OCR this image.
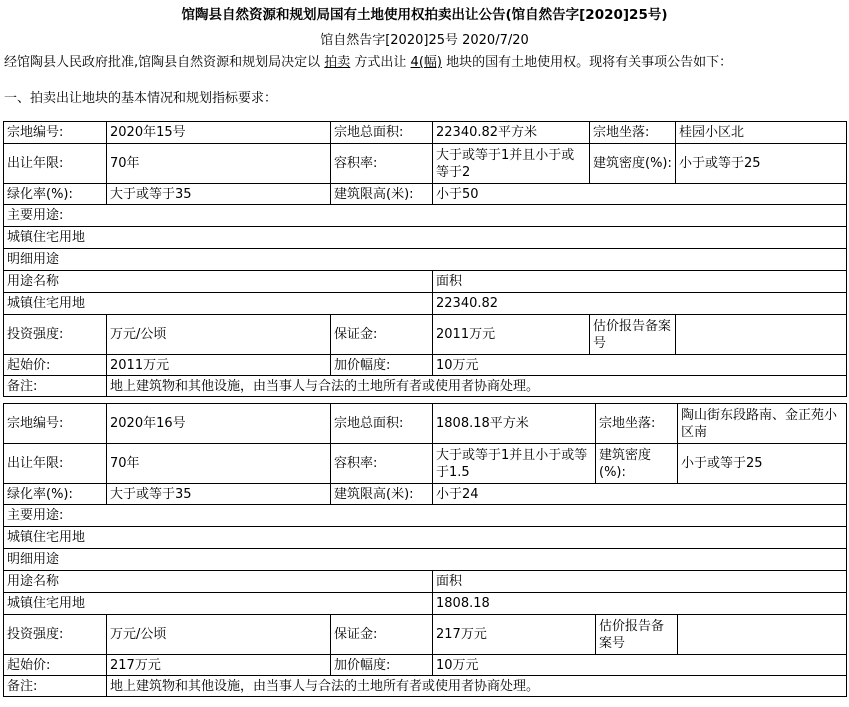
馆陶县自然资源和规划局国有土地使用权拍卖出让公告(馆自然告字[2020]25号)
馆自然告字[2020]25号 2020/7/20
经馆陶县人民政府批准,馆陶县自然资源和规划局决定以 拍卖 方式出让 4(幅) 地块的国有土地使用权。现将有关事项公告如下：
一、拍卖出让地块的基本情况和规划指标要求：
宗地编号:	2020年15号	宗地总面积:	22340.82平方米	宗地坐落:	桂园小区北
出让年限:	70年	容积率:	大于或等于1并且小于或等于2	建筑密度(%):	小于或等于25
绿化率(%):	大于或等于35	建筑限高(米):	小于50		
主要用途:					
城镇住宅用地					
明细用途					
用途名称			面积		
城镇住宅用地			22340.82		
投资强度:	万元/公顷	保证金:	2011万元	估价报告备案号	
起始价:	2011万元	加价幅度:	10万元		
备注:	地上建筑物和其他设施，由当事人与合法的土地所有者或使用者协商处理。				
宗地编号:	2020年16号	宗地总面积:	1808.18平方米	宗地坐落:	陶山街东段路南、金正苑小区南
出让年限:	70年	容积率:	大于或等于1并且小于或等于1.5	建筑密度(%):	小于或等于25
绿化率(%):	大于或等于35	建筑限高(米):	小于24		
主要用途:					
城镇住宅用地					
明细用途					
用途名称			面积		
城镇住宅用地			1808.18		
投资强度:	万元/公顷	保证金:	217万元	估价报告备案号	
起始价:	217万元	加价幅度:	10万元		
备注:	地上建筑物和其他设施，由当事人与合法的土地所有者或使用者协商处理。				
